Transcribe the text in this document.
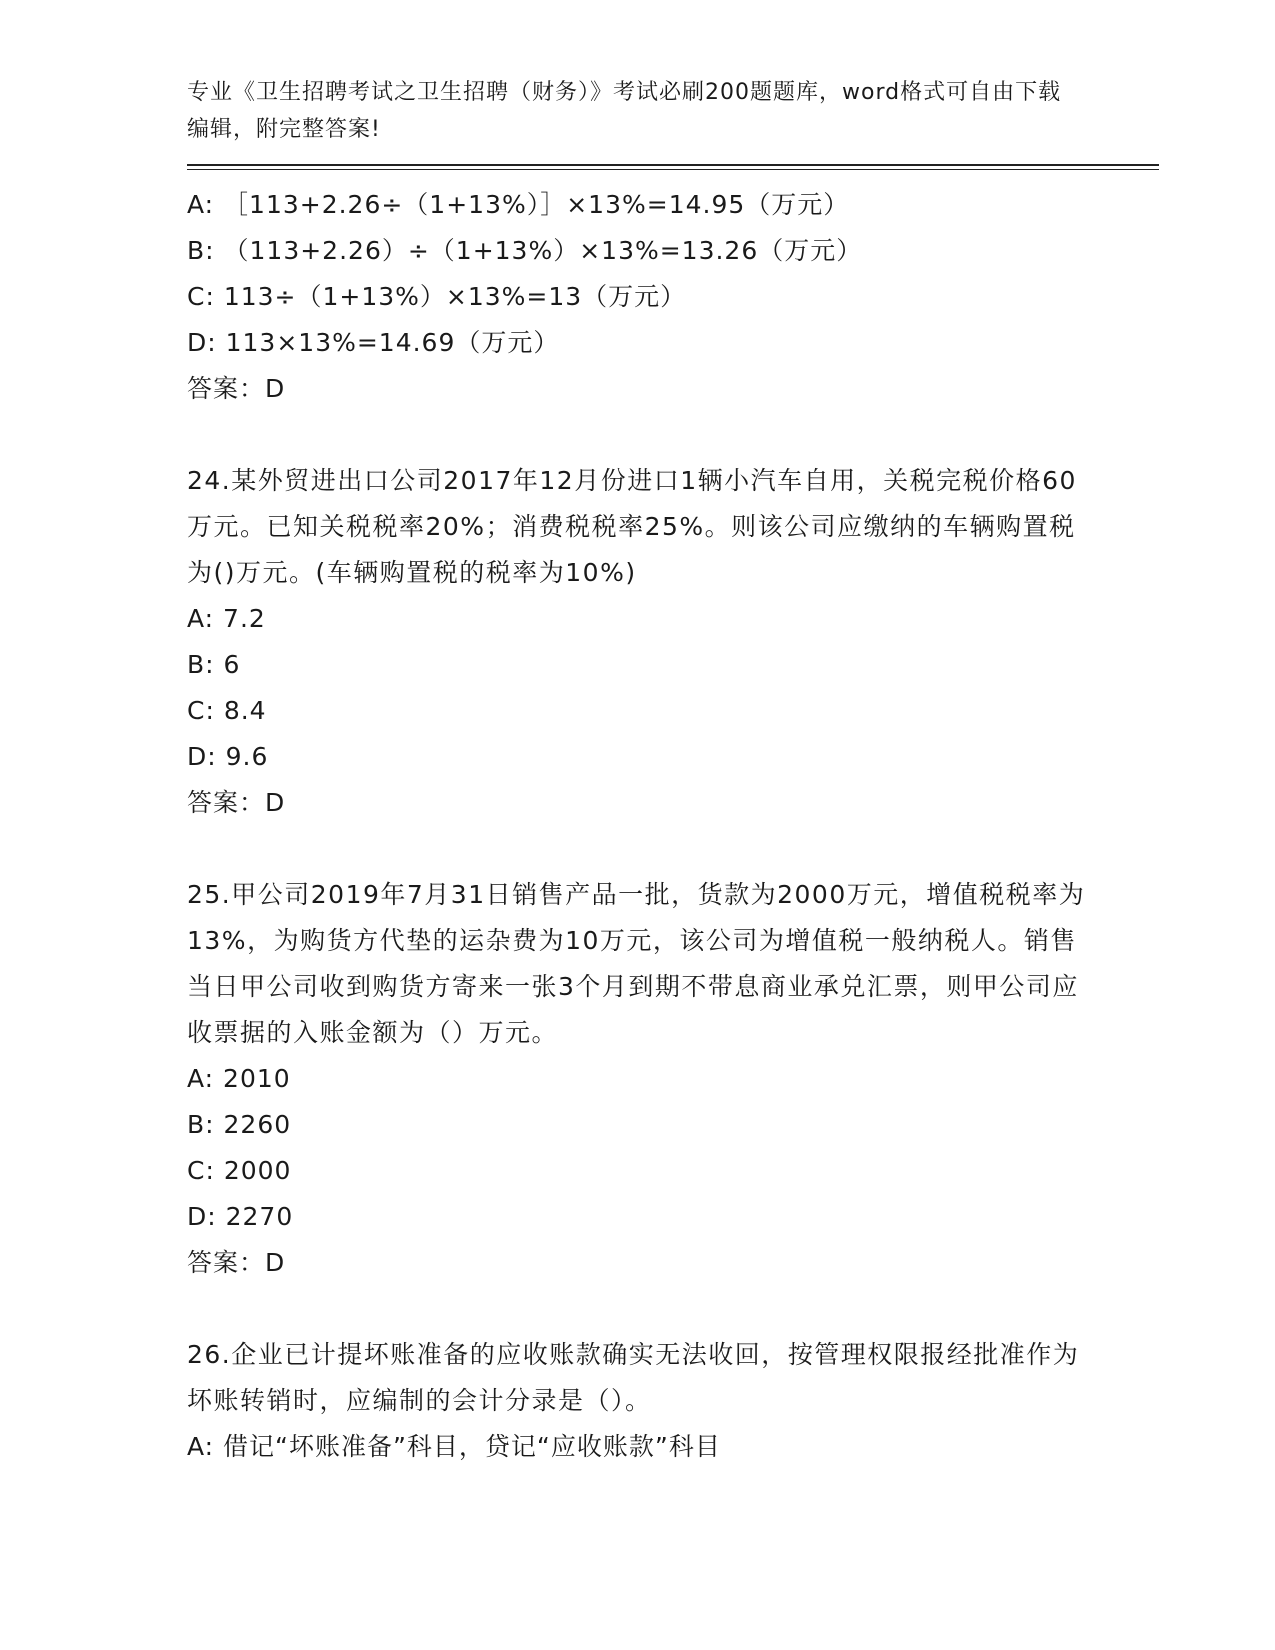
专业《卫生招聘考试之卫生招聘（财务）》考试必刷200题题库，word格式可自由下载编辑，附完整答案!
A: ［113+2.26÷（1+13%）］×13%=14.95（万元）
B: （113+2.26）÷（1+13%）×13%=13.26（万元）
C: 113÷（1+13%）×13%=13（万元）
D: 113×13%=14.69（万元）
答案：D
24.某外贸进出口公司2017年12月份进口1辆小汽车自用，关税完税价格60万元。已知关税税率20%；消费税税率25%。则该公司应缴纳的车辆购置税为()万元。(车辆购置税的税率为10%)
A: 7.2
B: 6
C: 8.4
D: 9.6
答案：D
25.甲公司2019年7月31日销售产品一批，货款为2000万元，增值税税率为13%，为购货方代垫的运杂费为10万元，该公司为增值税一般纳税人。销售当日甲公司收到购货方寄来一张3个月到期不带息商业承兑汇票，则甲公司应收票据的入账金额为（）万元。
A: 2010
B: 2260
C: 2000
D: 2270
答案：D
26.企业已计提坏账准备的应收账款确实无法收回，按管理权限报经批准作为坏账转销时，应编制的会计分录是（）。
A: 借记“坏账准备”科目，贷记“应收账款”科目
